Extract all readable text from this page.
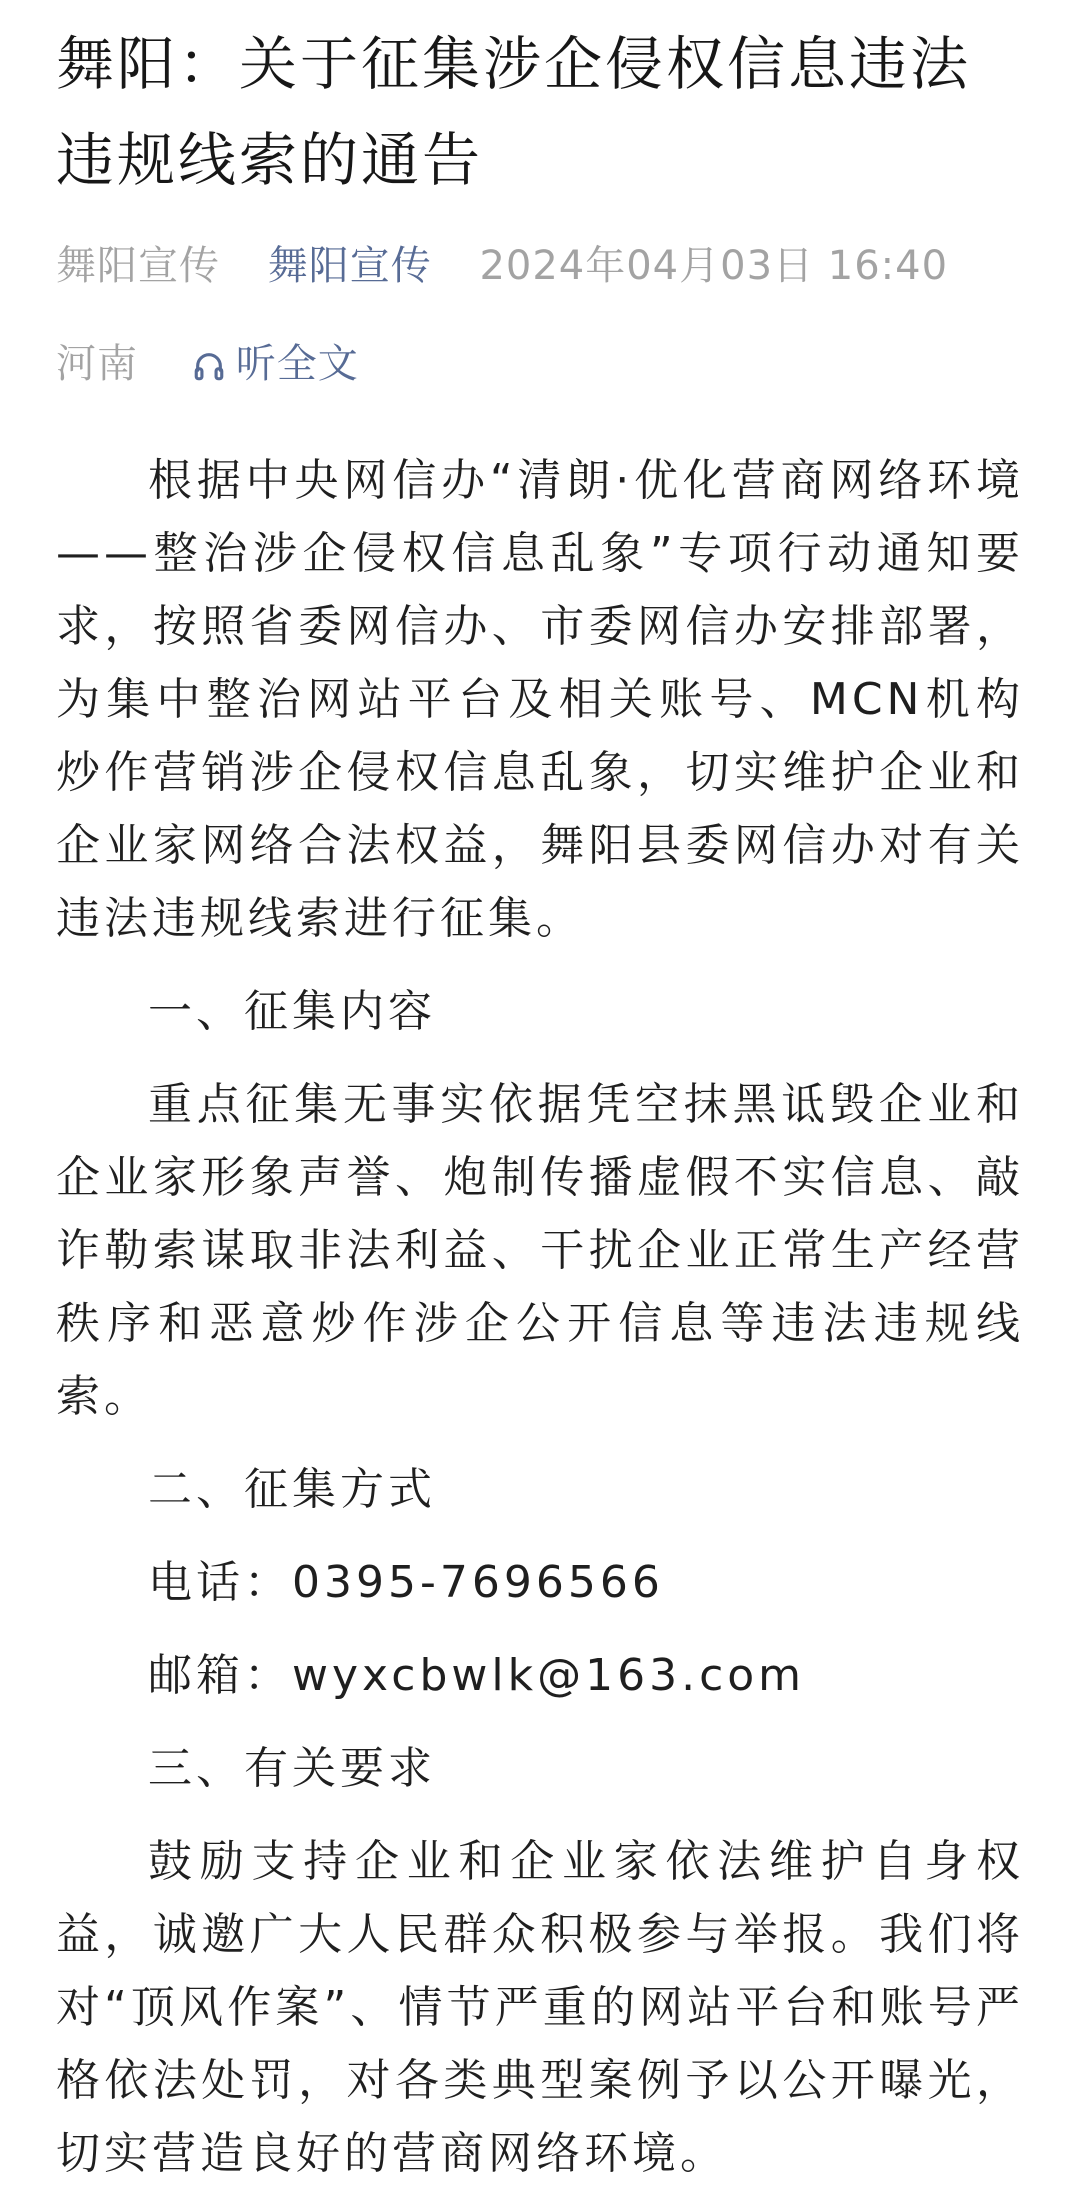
舞阳：关于征集涉企侵权信息违法违规线索的通告
舞阳宣传 舞阳宣传 2024年04月03日 16:40
河南 听全文

根据中央网信办“清朗·优化营商网络环境——整治涉企侵权信息乱象”专项行动通知要求，按照省委网信办、市委网信办安排部署，为集中整治网站平台及相关账号、MCN机构炒作营销涉企侵权信息乱象，切实维护企业和企业家网络合法权益，舞阳县委网信办对有关违法违规线索进行征集。

一、征集内容

重点征集无事实依据凭空抹黑诋毁企业和企业家形象声誉、炮制传播虚假不实信息、敲诈勒索谋取非法利益、干扰企业正常生产经营秩序和恶意炒作涉企公开信息等违法违规线索。

二、征集方式

电话：0395-7696566

邮箱：wyxcbwlk@163.com

三、有关要求

鼓励支持企业和企业家依法维护自身权益，诚邀广大人民群众积极参与举报。我们将对“顶风作案”、情节严重的网站平台和账号严格依法处罚，对各类典型案例予以公开曝光，切实营造良好的营商网络环境。
